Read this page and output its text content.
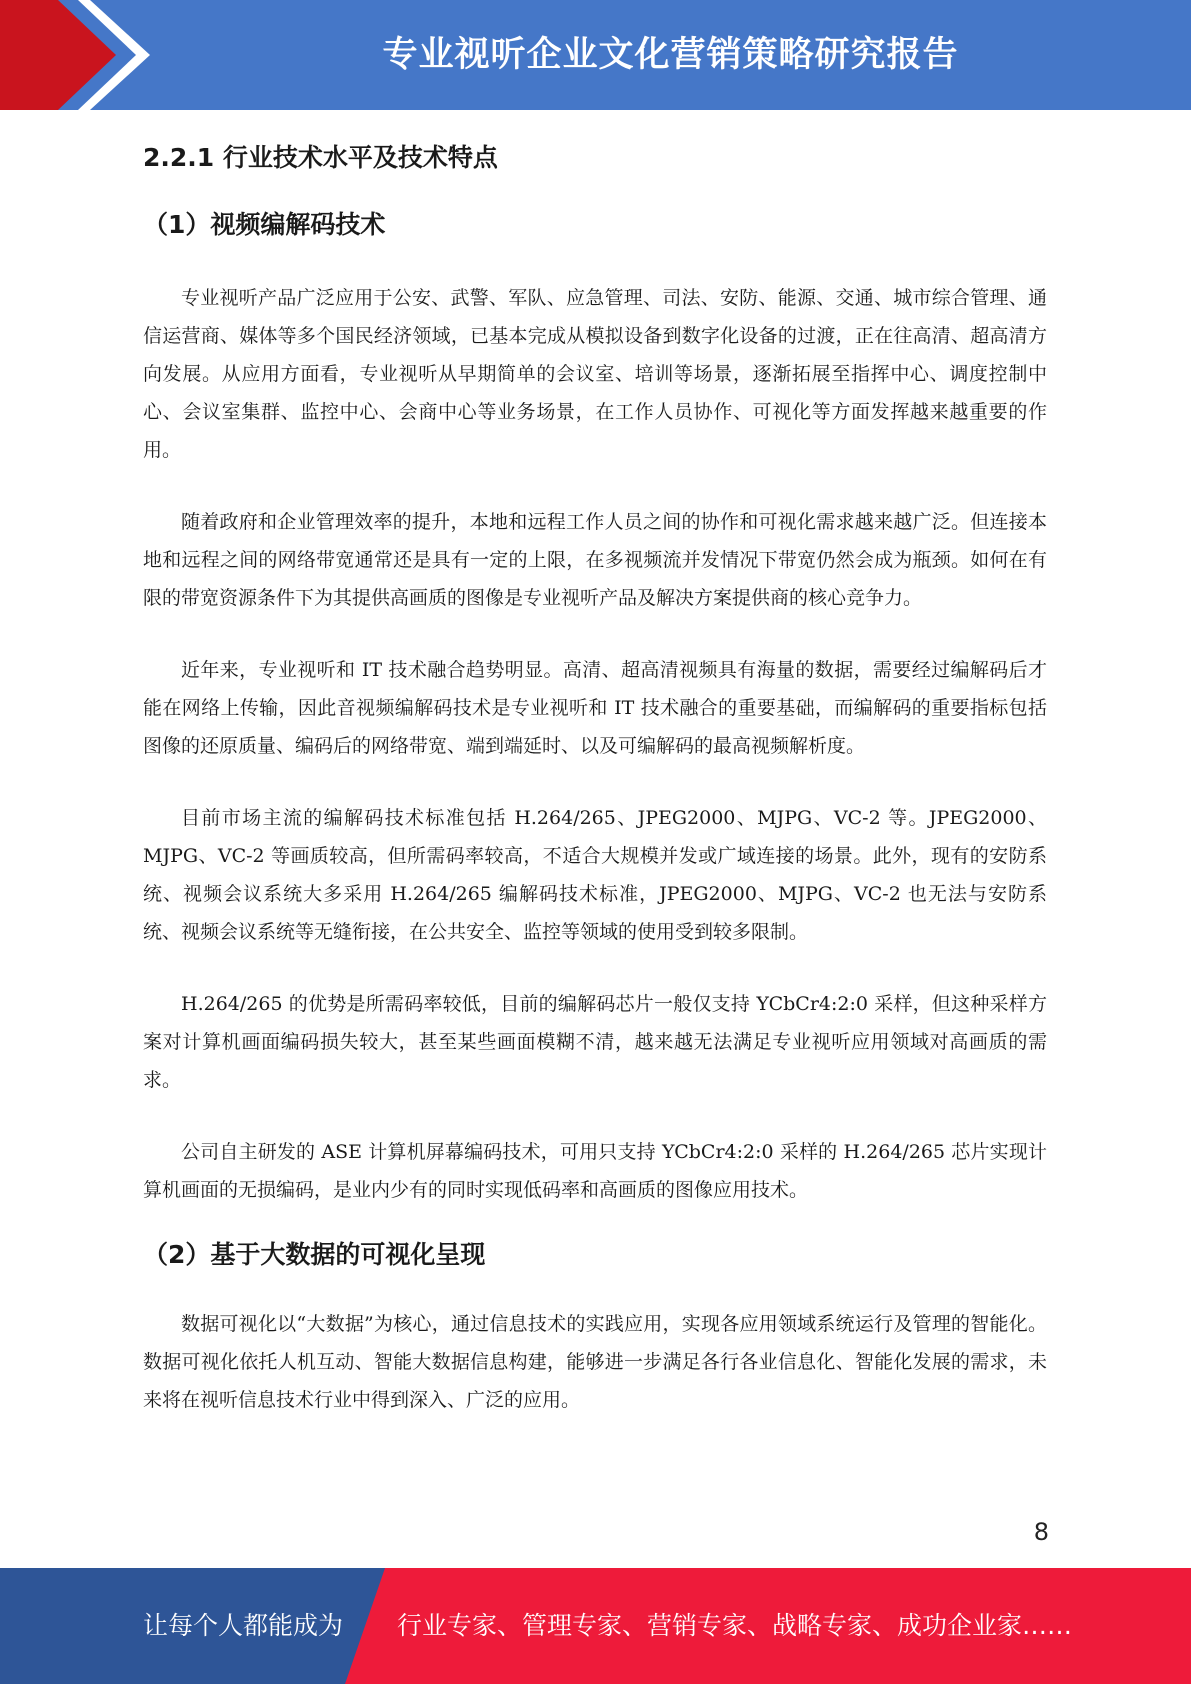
专业视听企业文化营销策略研究报告
2.2.1 行业技术水平及技术特点
（1）视频编解码技术

专业视听产品广泛应用于公安、武警、军队、应急管理、司法、安防、能源、交通、城市综合管理、通信运营商、媒体等多个国民经济领域，已基本完成从模拟设备到数字化设备的过渡，正在往高清、超高清方向发展。从应用方面看，专业视听从早期简单的会议室、培训等场景，逐渐拓展至指挥中心、调度控制中心、会议室集群、监控中心、会商中心等业务场景，在工作人员协作、可视化等方面发挥越来越重要的作用。

随着政府和企业管理效率的提升，本地和远程工作人员之间的协作和可视化需求越来越广泛。但连接本地和远程之间的网络带宽通常还是具有一定的上限，在多视频流并发情况下带宽仍然会成为瓶颈。如何在有限的带宽资源条件下为其提供高画质的图像是专业视听产品及解决方案提供商的核心竞争力。

近年来，专业视听和 IT 技术融合趋势明显。高清、超高清视频具有海量的数据，需要经过编解码后才能在网络上传输，因此音视频编解码技术是专业视听和 IT 技术融合的重要基础，而编解码的重要指标包括图像的还原质量、编码后的网络带宽、端到端延时、以及可编解码的最高视频解析度。

目前市场主流的编解码技术标准包括 H.264/265、JPEG2000、MJPG、VC-2 等。JPEG2000、MJPG、VC-2 等画质较高，但所需码率较高，不适合大规模并发或广域连接的场景。此外，现有的安防系统、视频会议系统大多采用 H.264/265 编解码技术标准，JPEG2000、MJPG、VC-2 也无法与安防系统、视频会议系统等无缝衔接，在公共安全、监控等领域的使用受到较多限制。

H.264/265 的优势是所需码率较低，目前的编解码芯片一般仅支持 YCbCr4:2:0 采样，但这种采样方案对计算机画面编码损失较大，甚至某些画面模糊不清，越来越无法满足专业视听应用领域对高画质的需求。

公司自主研发的 ASE 计算机屏幕编码技术，可用只支持 YCbCr4:2:0 采样的 H.264/265 芯片实现计算机画面的无损编码，是业内少有的同时实现低码率和高画质的图像应用技术。

（2）基于大数据的可视化呈现

数据可视化以“大数据”为核心，通过信息技术的实践应用，实现各应用领域系统运行及管理的智能化。数据可视化依托人机互动、智能大数据信息构建，能够进一步满足各行各业信息化、智能化发展的需求，未来将在视听信息技术行业中得到深入、广泛的应用。

8
让每个人都能成为 行业专家、管理专家、营销专家、战略专家、成功企业家……
